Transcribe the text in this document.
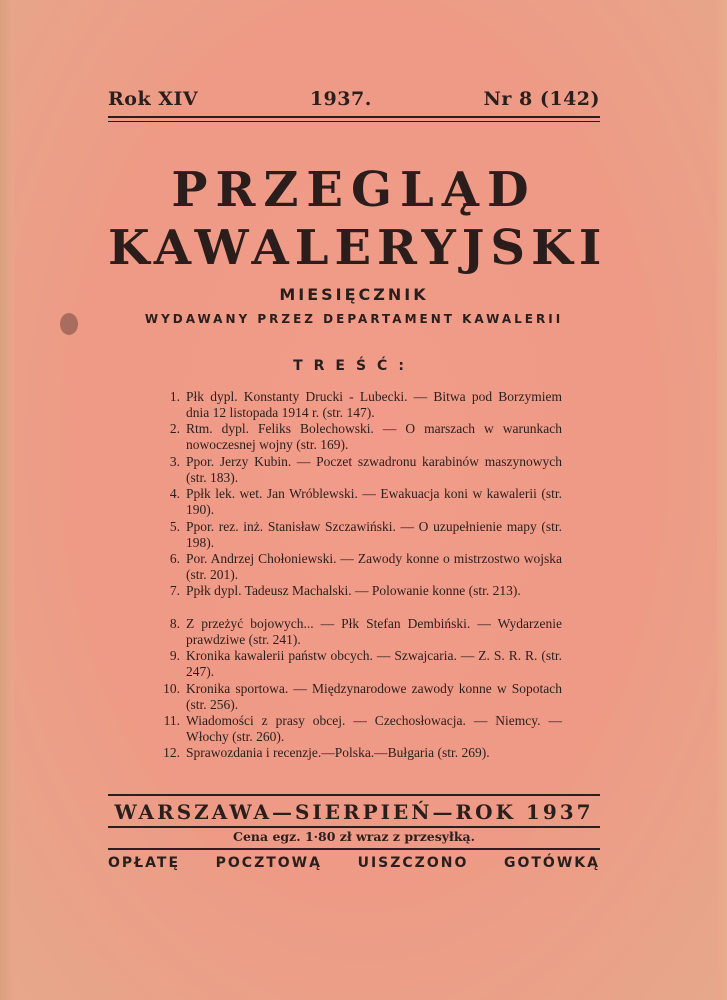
Rok XIV	1937.	Nr 8 (142)
PRZEGLĄD
KAWALERYJSKI
MIESIĘCZNIK
WYDAWANY PRZEZ DEPARTAMENT KAWALERII
TREŚĆ:
1. Płk dypl. Konstanty Drucki - Lubecki. — Bitwa pod Borzymiem dnia 12 listopada 1914 r. (str. 147).
2. Rtm. dypl. Feliks Bolechowski. — O marszach w warunkach nowoczesnej wojny (str. 169).
3. Ppor. Jerzy Kubin. — Poczet szwadronu karabinów maszynowych (str. 183).
4. Ppłk lek. wet. Jan Wróblewski. — Ewakuacja koni w kawalerii (str. 190).
5. Ppor. rez. inż. Stanisław Szczawiński. — O uzupełnienie mapy (str. 198).
6. Por. Andrzej Chołoniewski. — Zawody konne o mistrzostwo wojska (str. 201).
7. Ppłk dypl. Tadeusz Machalski. — Polowanie konne (str. 213).
8. Z przeżyć bojowych... — Płk Stefan Dembiński. — Wydarzenie prawdziwe (str. 241).
9. Kronika kawalerii państw obcych. — Szwajcaria. — Z. S. R. R. (str. 247).
10. Kronika sportowa. — Międzynarodowe zawody konne w Sopotach (str. 256).
11. Wiadomości z prasy obcej. — Czechosłowacja. — Niemcy. — Włochy (str. 260).
12. Sprawozdania i recenzje.—Polska.—Bułgaria (str. 269).
WARSZAWA—SIERPIEŃ—ROK 1937
Cena egz. 1·80 zł wraz z przesyłką.
OPŁATĘ	POCZTOWĄ	UISZCZONO	GOTÓWKĄ
